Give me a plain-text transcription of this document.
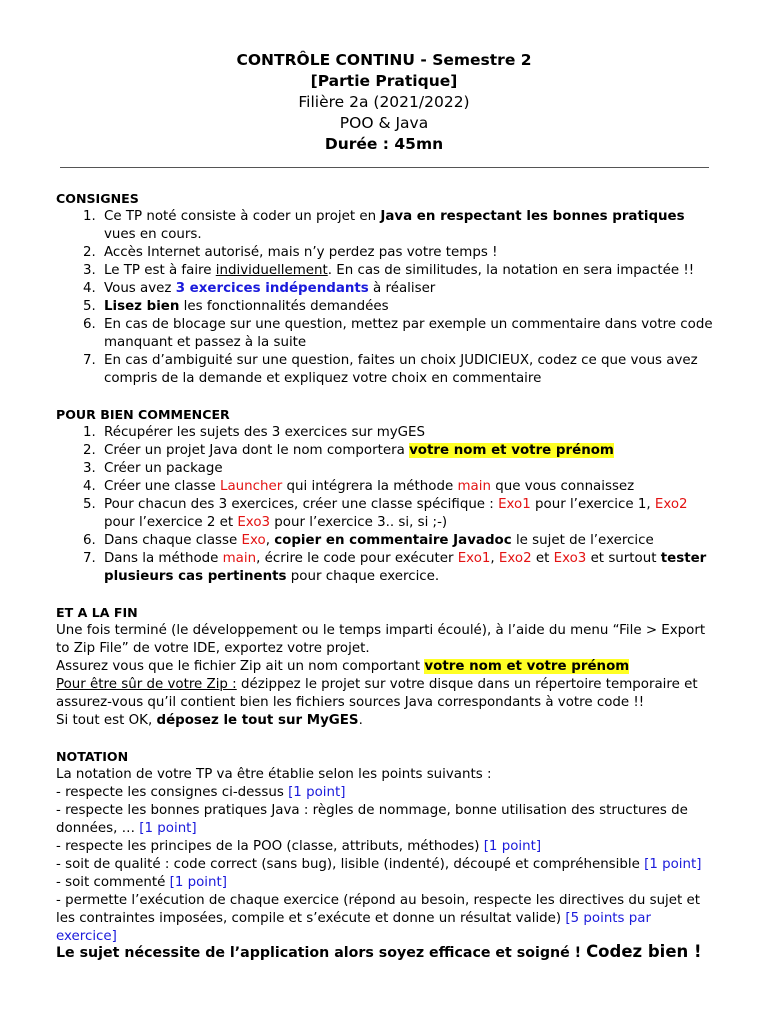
CONTRÔLE CONTINU - Semestre 2
[Partie Pratique]
Filière 2a (2021/2022)
POO & Java
Durée : 45mn
CONSIGNES
1. Ce TP noté consiste à coder un projet en Java en respectant les bonnes pratiques vues en cours.
2. Accès Internet autorisé, mais n’y perdez pas votre temps !
3. Le TP est à faire individuellement. En cas de similitudes, la notation en sera impactée !!
4. Vous avez 3 exercices indépendants à réaliser
5. Lisez bien les fonctionnalités demandées
6. En cas de blocage sur une question, mettez par exemple un commentaire dans votre code manquant et passez à la suite
7. En cas d’ambiguité sur une question, faites un choix JUDICIEUX, codez ce que vous avez compris de la demande et expliquez votre choix en commentaire
POUR BIEN COMMENCER
1. Récupérer les sujets des 3 exercices sur myGES
2. Créer un projet Java dont le nom comportera votre nom et votre prénom
3. Créer un package
4. Créer une classe Launcher qui intégrera la méthode main que vous connaissez
5. Pour chacun des 3 exercices, créer une classe spécifique : Exo1 pour l’exercice 1, Exo2 pour l’exercice 2 et Exo3 pour l’exercice 3.. si, si ;-)
6. Dans chaque classe Exo, copier en commentaire Javadoc le sujet de l’exercice
7. Dans la méthode main, écrire le code pour exécuter Exo1, Exo2 et Exo3 et surtout tester plusieurs cas pertinents pour chaque exercice.
ET A LA FIN

Une fois terminé (le développement ou le temps imparti écoulé), à l’aide du menu “File > Export to Zip File” de votre IDE, exportez votre projet.

Assurez vous que le fichier Zip ait un nom comportant votre nom et votre prénom

Pour être sûr de votre Zip : dézippez le projet sur votre disque dans un répertoire temporaire et assurez-vous qu’il contient bien les fichiers sources Java correspondants à votre code !!

Si tout est OK, déposez le tout sur MyGES.

NOTATION

La notation de votre TP va être établie selon les points suivants :

- respecte les consignes ci-dessus [1 point]

- respecte les bonnes pratiques Java : règles de nommage, bonne utilisation des structures de données, … [1 point]

- respecte les principes de la POO (classe, attributs, méthodes) [1 point]

- soit de qualité : code correct (sans bug), lisible (indenté), découpé et compréhensible [1 point]

- soit commenté [1 point]

- permette l’exécution de chaque exercice (répond au besoin, respecte les directives du sujet et les contraintes imposées, compile et s’exécute et donne un résultat valide) [5 points par exercice]

Le sujet nécessite de l’application alors soyez efficace et soigné ! Codez bien !
